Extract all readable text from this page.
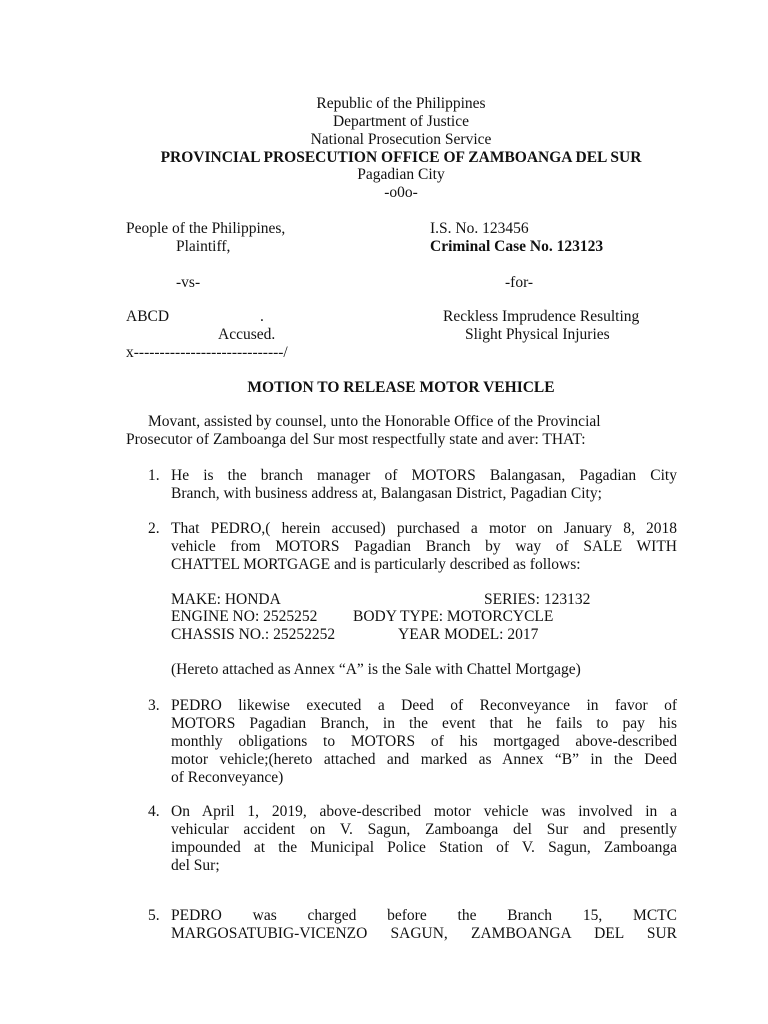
Republic of the Philippines
Department of Justice
National Prosecution Service
PROVINCIAL PROSECUTION OFFICE OF ZAMBOANGA DEL SUR
Pagadian City
-o0o-
People of the Philippines,
Plaintiff,
I.S. No. 123456
Criminal Case No. 123123
-vs-	-for-
ABCD	.
Accused.
Reckless Imprudence Resulting
Slight Physical Injuries
x-----------------------------/
MOTION TO RELEASE MOTOR VEHICLE
Movant, assisted by counsel, unto the Honorable Office of the Provincial
Prosecutor of Zamboanga del Sur most respectfully state and aver: THAT:
1. He is the branch manager of MOTORS Balangasan, Pagadian City
Branch, with business address at, Balangasan District, Pagadian City;
2. That PEDRO,( herein accused) purchased a motor on January 8, 2018
vehicle from MOTORS Pagadian Branch by way of SALE WITH
CHATTEL MORTGAGE and is particularly described as follows:
MAKE: HONDA	SERIES: 123132
ENGINE NO: 2525252 BODY TYPE: MOTORCYCLE
CHASSIS NO.: 25252252	YEAR MODEL: 2017
(Hereto attached as Annex “A” is the Sale with Chattel Mortgage)
3. PEDRO likewise executed a Deed of Reconveyance in favor of
MOTORS Pagadian Branch, in the event that he fails to pay his
monthly obligations to MOTORS of his mortgaged above-described
motor vehicle;(hereto attached and marked as Annex “B” in the Deed
of Reconveyance)
4. On April 1, 2019, above-described motor vehicle was involved in a
vehicular accident on V. Sagun, Zamboanga del Sur and presently
impounded at the Municipal Police Station of V. Sagun, Zamboanga
del Sur;
5. PEDRO was charged before the Branch 15, MCTC
MARGOSATUBIG-VICENZO SAGUN, ZAMBOANGA DEL SUR
